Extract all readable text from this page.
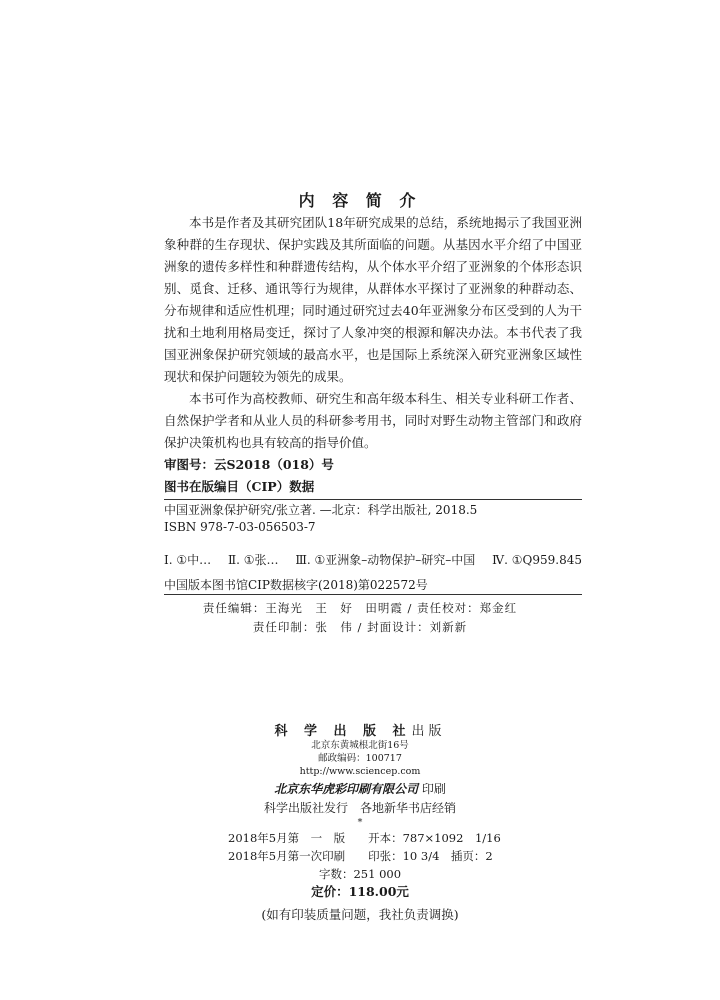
内 容 简 介

本书是作者及其研究团队18年研究成果的总结，系统地揭示了我国亚洲象种群的生存现状、保护实践及其所面临的问题。从基因水平介绍了中国亚洲象的遗传多样性和种群遗传结构，从个体水平介绍了亚洲象的个体形态识别、觅食、迁移、通讯等行为规律，从群体水平探讨了亚洲象的种群动态、分布规律和适应性机理；同时通过研究过去40年亚洲象分布区受到的人为干扰和土地利用格局变迁，探讨了人象冲突的根源和解决办法。本书代表了我国亚洲象保护研究领域的最高水平，也是国际上系统深入研究亚洲象区域性现状和保护问题较为领先的成果。

本书可作为高校教师、研究生和高年级本科生、相关专业科研工作者、自然保护学者和从业人员的科研参考用书，同时对野生动物主管部门和政府保护决策机构也具有较高的指导价值。

审图号：云S2018（018）号
图书在版编目（CIP）数据
中国亚洲象保护研究/张立著. —北京：科学出版社, 2018.5
ISBN 978-7-03-056503-7
Ⅰ. ①中… Ⅱ. ①张… Ⅲ. ①亚洲象–动物保护–研究–中国 Ⅳ. ①Q959.845
中国版本图书馆CIP数据核字(2018)第022572号
责任编辑：王海光　王　好　田明霞 / 责任校对：郑金红
责任印制：张　伟 / 封面设计：刘新新
科 学 出 版 社出版
北京东黄城根北街16号
邮政编码：100717
http://www.sciencep.com
北京东华虎彩印刷有限公司 印刷
科学出版社发行　各地新华书店经销
*
2018年5月第　一　版　　 开本：787×1092　1/16
2018年5月第一次印刷　　 印张：10 3/4　插页：2
字数：251 000
定价：118.00元
(如有印装质量问题，我社负责调换)
